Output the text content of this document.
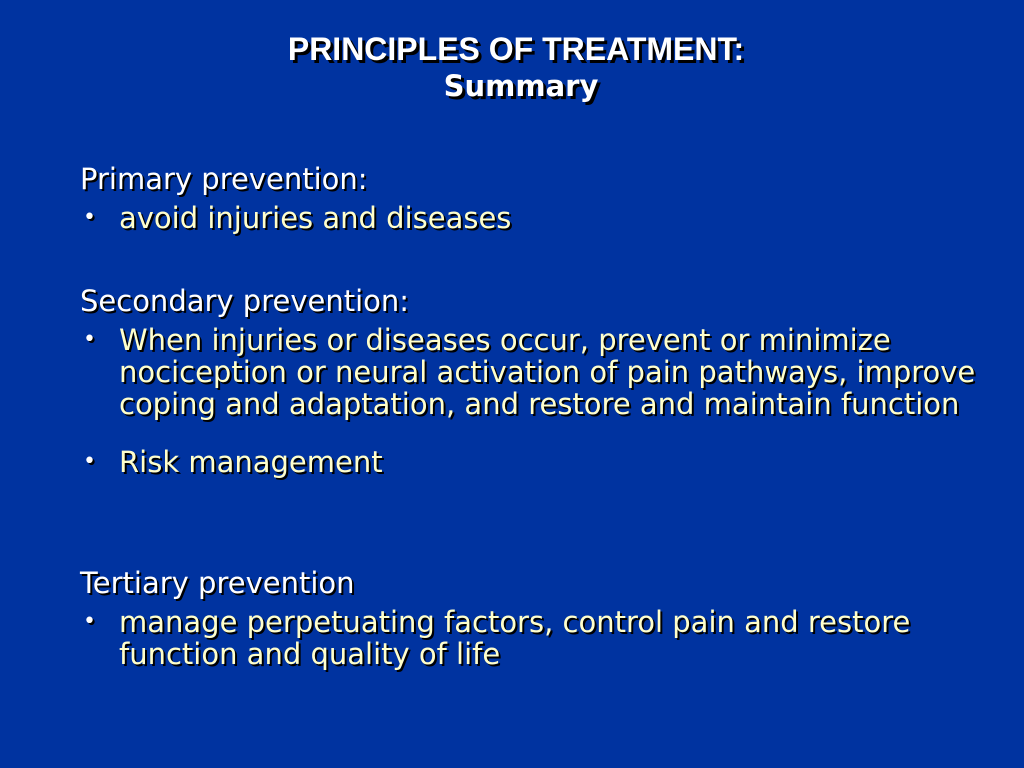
PRINCIPLES OF TREATMENT:
Summary

Primary prevention:

• avoid injuries and diseases

Secondary prevention:

• When injuries or diseases occur, prevent or minimize nociception or neural activation of pain pathways, improve coping and adaptation, and restore and maintain function
• Risk management

Tertiary prevention

• manage perpetuating factors, control pain and restore function and quality of life
